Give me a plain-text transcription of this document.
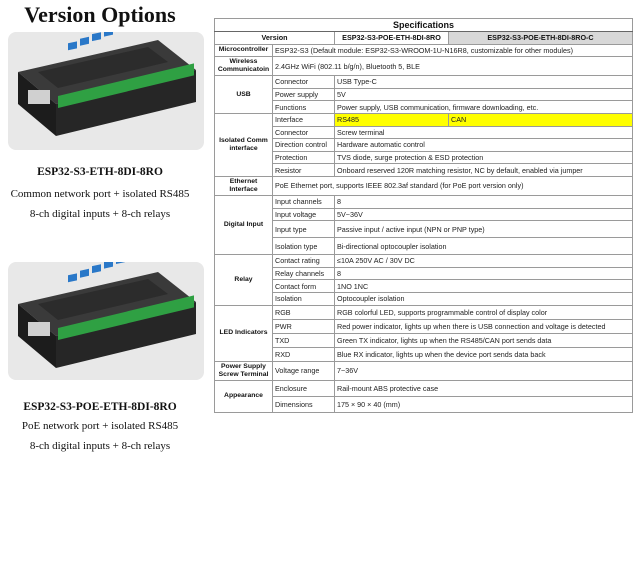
Version Options
ESP32-S3-ETH-8DI-8RO
Common network port + isolated RS485
8-ch digital inputs + 8-ch relays
ESP32-S3-POE-ETH-8DI-8RO
PoE network port + isolated RS485
8-ch digital inputs + 8-ch relays
Specifications			
Version		ESP32-S3-POE-ETH-8DI-8RO	ESP32-S3-POE-ETH-8DI-8RO-C
Microcontroller	ESP32-S3 (Default module: ESP32-S3-WROOM-1U-N16R8, customizable for other modules)		
Wireless Communicatoin	2.4GHz WiFi (802.11 b/g/n), Bluetooth 5, BLE		
USB	Connector	USB Type-C	
	Power supply	5V	
	Functions	Power supply, USB communication, firmware downloading, etc.	
Isolated Comm interface	Interface	RS485	CAN
	Connector	Screw terminal	
	Direction control	Hardware automatic control	
	Protection	TVS diode, surge protection & ESD protection	
	Resistor	Onboard reserved 120R matching resistor, NC by default, enabled via jumper	
Ethernet Interface	PoE Ethernet port, supports IEEE 802.3af standard (for PoE port version only)		
Digital Input	Input channels	8	
	Input voltage	5V~36V	
	Input type	Passive input / active input (NPN or PNP type)	
	Isolation type	Bi-directional optocoupler isolation	
Relay	Contact rating	≤10A 250V AC / 30V DC	
	Relay channels	8	
	Contact form	1NO 1NC	
	Isolation	Optocoupler isolation	
LED Indicators	RGB	RGB colorful LED, supports programmable control of display color	
	PWR	Red power indicator, lights up when there is USB connection and voltage is detected	
	TXD	Green TX indicator, lights up when the RS485/CAN port sends data	
	RXD	Blue RX indicator, lights up when the device port sends data back	
Power Supply Screw Terminal	Voltage range	7~36V	
Appearance	Enclosure	Rail-mount ABS protective case	
	Dimensions	175 × 90 × 40 (mm)	
